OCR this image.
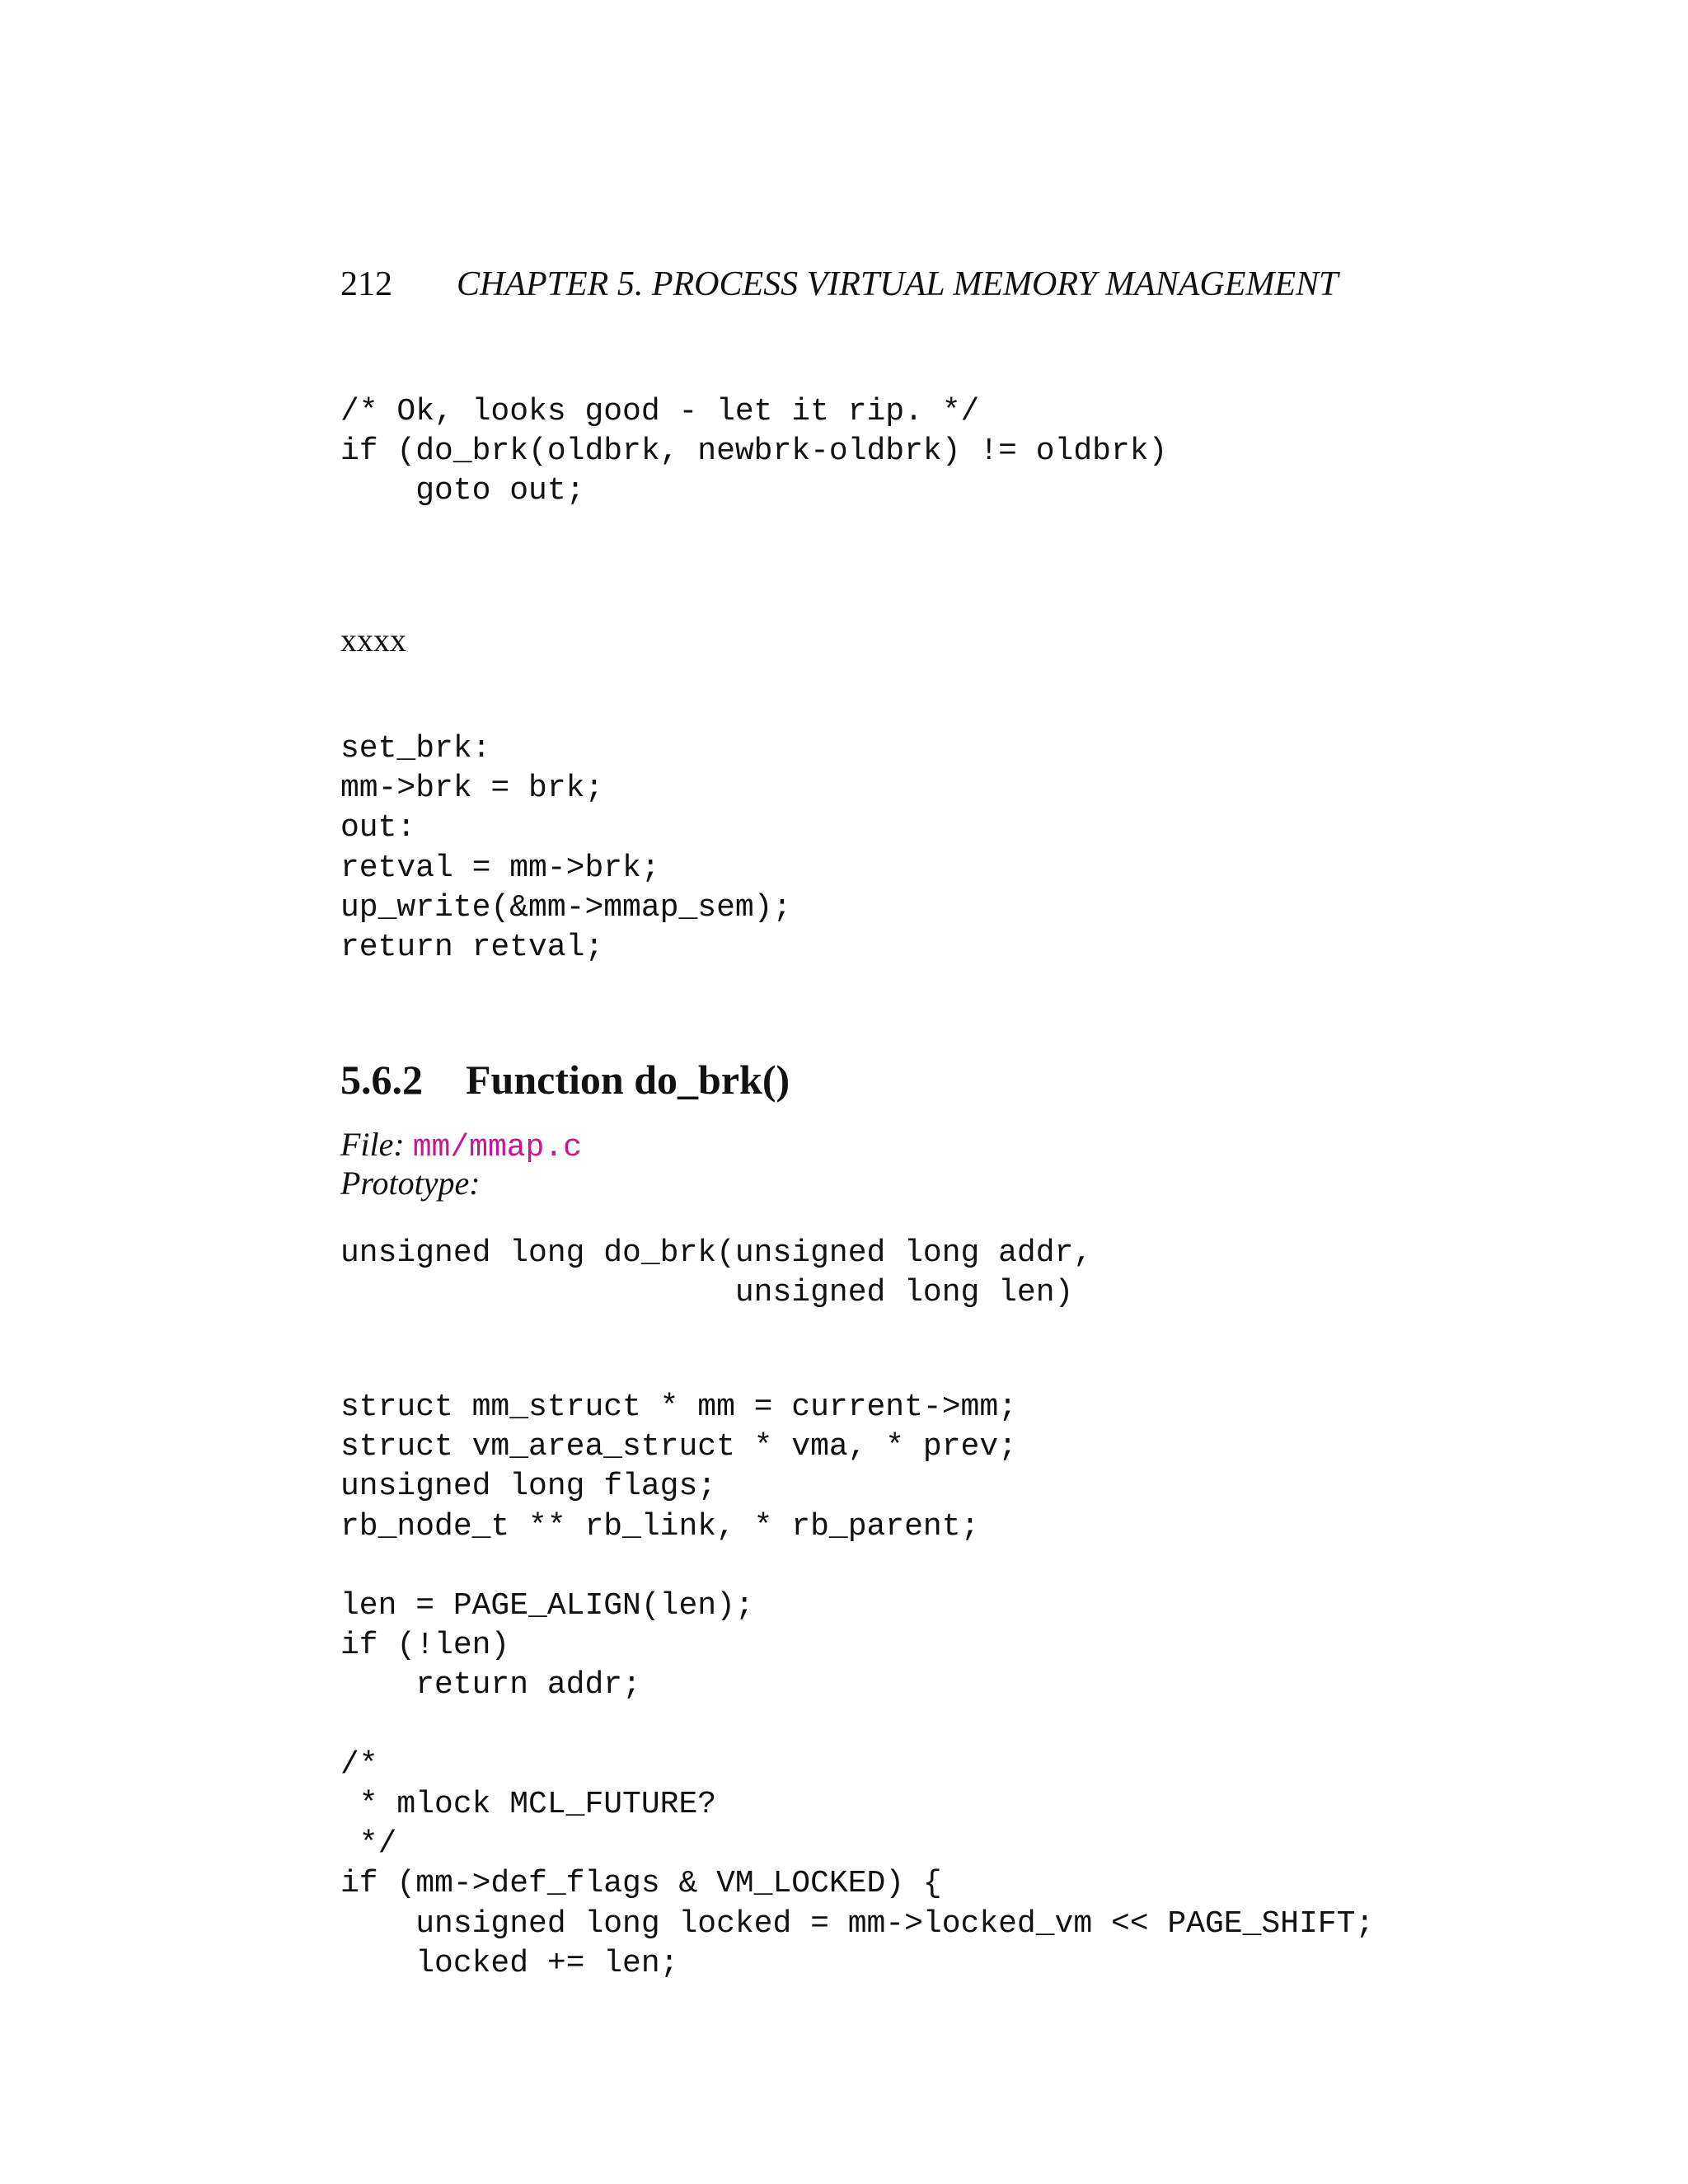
212 CHAPTER 5. PROCESS VIRTUAL MEMORY MANAGEMENT
/* Ok, looks good - let it rip. */
if (do_brk(oldbrk, newbrk-oldbrk) != oldbrk)
goto out;
xxxx
set_brk:
mm->brk = brk;
out:
retval = mm->brk;
up_write(&mm->mmap_sem);
return retval;
5.6.2 Function do_brk()
File: mm/mmap.c
Prototype:
unsigned long do_brk(unsigned long addr,
unsigned long len)
struct mm_struct * mm = current->mm;
struct vm_area_struct * vma, * prev;
unsigned long flags;
rb_node_t ** rb_link, * rb_parent;

len = PAGE_ALIGN(len);
if (!len)
return addr;

/*
* mlock MCL_FUTURE?
*/
if (mm->def_flags & VM_LOCKED) {
unsigned long locked = mm->locked_vm << PAGE_SHIFT;
locked += len;
